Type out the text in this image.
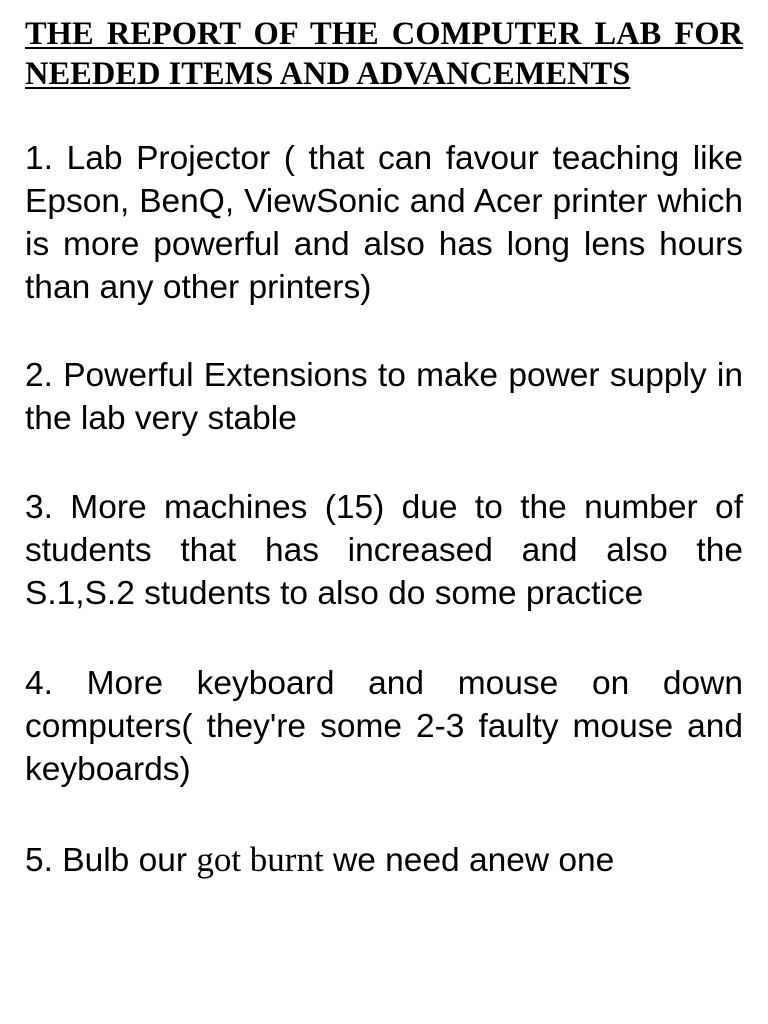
THE REPORT OF THE COMPUTER LAB FOR NEEDED ITEMS AND ADVANCEMENTS

1. Lab Projector ( that can favour teaching like Epson, BenQ, ViewSonic and Acer printer which is more powerful and also has long lens hours than any other printers)

2. Powerful Extensions to make power supply in the lab very stable

3. More machines (15) due to the number of students that has increased and also the S.1,S.2 students to also do some practice

4. More keyboard and mouse on down computers( they're some 2-3 faulty mouse and keyboards)

5. Bulb our got burnt we need anew one
